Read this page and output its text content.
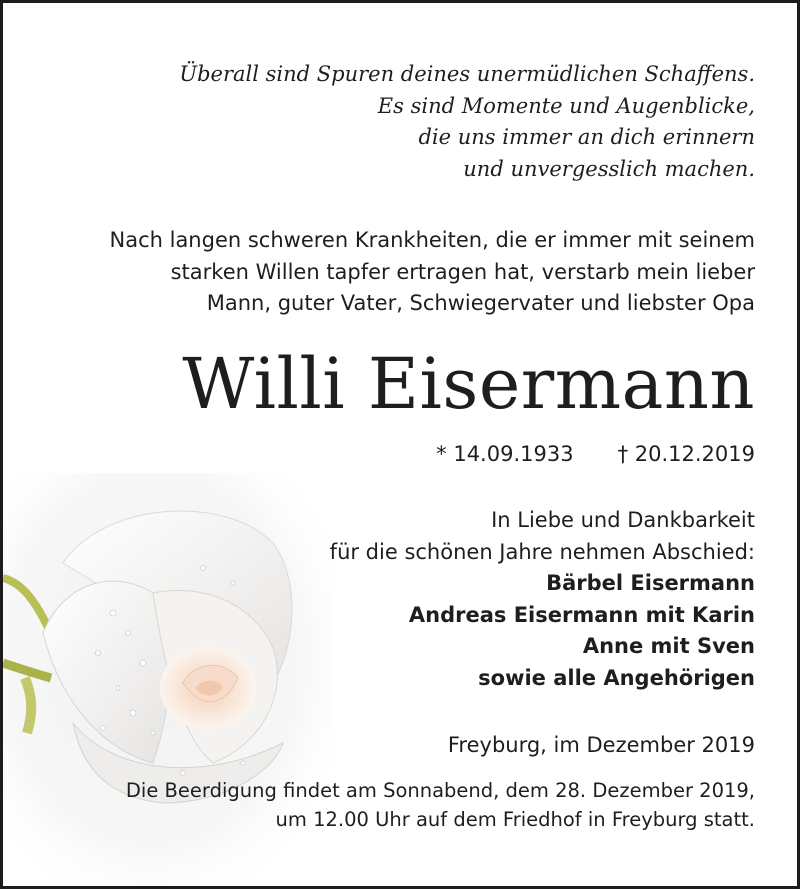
Überall sind Spuren deines unermüdlichen Schaffens.
Es sind Momente und Augenblicke,
die uns immer an dich erinnern
und unvergesslich machen.
Nach langen schweren Krankheiten, die er immer mit seinem
starken Willen tapfer ertragen hat, verstarb mein lieber
Mann, guter Vater, Schwiegervater und liebster Opa
Willi Eisermann
* 14.09.1933 † 20.12.2019
In Liebe und Dankbarkeit
für die schönen Jahre nehmen Abschied:
Bärbel Eisermann
Andreas Eisermann mit Karin
Anne mit Sven
sowie alle Angehörigen
Freyburg, im Dezember 2019
Die Beerdigung findet am Sonnabend, dem 28. Dezember 2019,
um 12.00 Uhr auf dem Friedhof in Freyburg statt.
